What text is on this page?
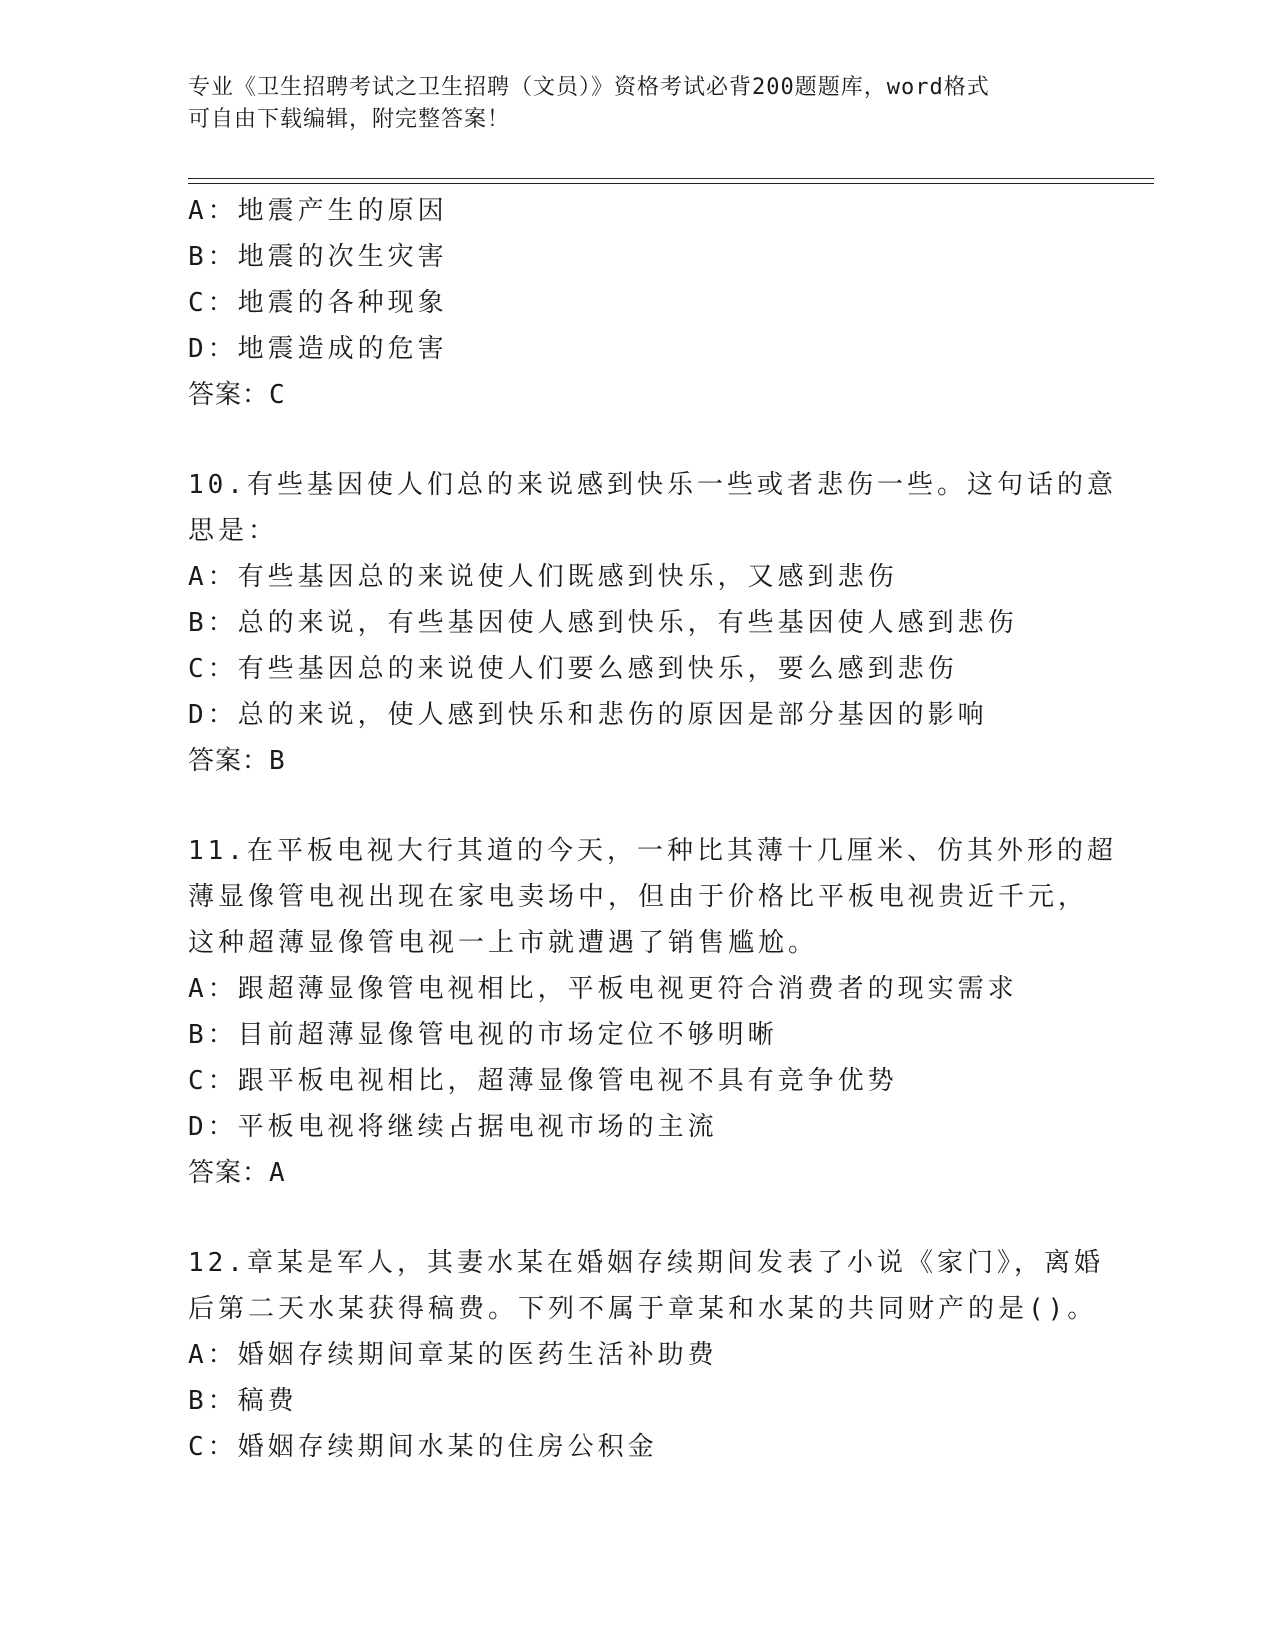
专业《卫生招聘考试之卫生招聘（文员）》资格考试必背200题题库，word格式
可自由下载编辑，附完整答案！
A：地震产生的原因
B：地震的次生灾害
C：地震的各种现象
D：地震造成的危害
答案：C
10.有些基因使人们总的来说感到快乐一些或者悲伤一些。这句话的意
思是：
A：有些基因总的来说使人们既感到快乐，又感到悲伤
B：总的来说，有些基因使人感到快乐，有些基因使人感到悲伤
C：有些基因总的来说使人们要么感到快乐，要么感到悲伤
D：总的来说，使人感到快乐和悲伤的原因是部分基因的影响
答案：B
11.在平板电视大行其道的今天，一种比其薄十几厘米、仿其外形的超
薄显像管电视出现在家电卖场中，但由于价格比平板电视贵近千元，
这种超薄显像管电视一上市就遭遇了销售尴尬。
A：跟超薄显像管电视相比，平板电视更符合消费者的现实需求
B：目前超薄显像管电视的市场定位不够明晰
C：跟平板电视相比，超薄显像管电视不具有竞争优势
D：平板电视将继续占据电视市场的主流
答案：A
12.章某是军人，其妻水某在婚姻存续期间发表了小说《家门》，离婚
后第二天水某获得稿费。下列不属于章某和水某的共同财产的是()。
A：婚姻存续期间章某的医药生活补助费
B：稿费
C：婚姻存续期间水某的住房公积金
